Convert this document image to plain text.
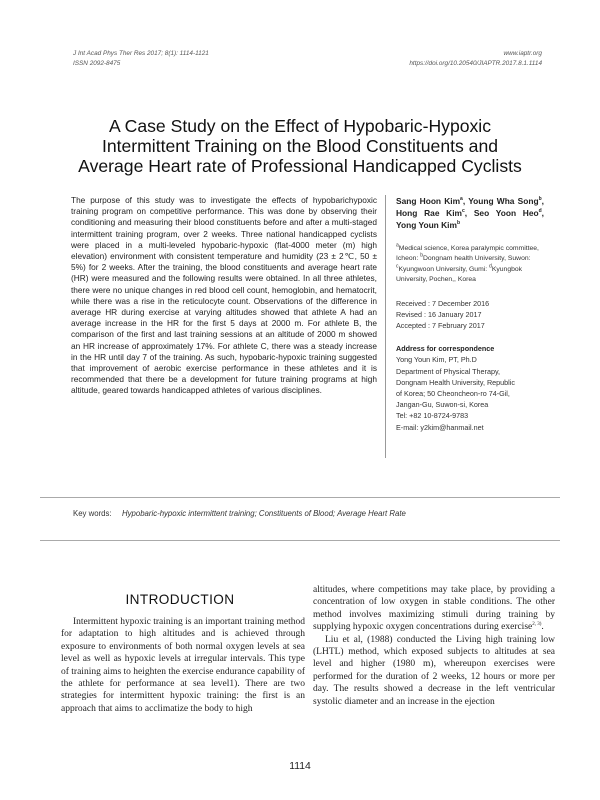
J Int Acad Phys Ther Res 2017; 8(1): 1114-1121
ISSN 2092-8475
www.iaptr.org
https://doi.org/10.20540/JIAPTR.2017.8.1.1114
A Case Study on the Effect of Hypobaric-Hypoxic
Intermittent Training on the Blood Constituents and
Average Heart rate of Professional Handicapped Cyclists
The purpose of this study was to investigate the effects of hypobarichypoxic training program on competitive performance. This was done by observing their conditioning and measuring their blood constituents before and after a multi-staged intermittent training program, over 2 weeks. Three national handicapped cyclists were placed in a multi-leveled hypobaric-hypoxic (flat-4000 meter (m) high elevation) environment with consistent temperature and humidity (23 ± 2℃, 50 ± 5%) for 2 weeks. After the training, the blood constituents and average heart rate (HR) were measured and the following results were obtained. In all three athletes, there were no unique changes in red blood cell count, hemoglobin, and hematocrit, while there was a rise in the reticulocyte count. Observations of the difference in average HR during exercise at varying altitudes showed that athlete A had an average increase in the HR for the first 5 days at 2000 m. For athlete B, the comparison of the first and last training sessions at an altitude of 2000 m showed an HR increase of approximately 17%. For athlete C, there was a steady increase in the HR until day 7 of the training. As such, hypobaric-hypoxic training suggested that improvement of aerobic exercise performance in these athletes and it is recommended that there be a development for future training programs at high altitude, geared towards handicapped athletes of various disciplines.
Sang Hoon Kim$^a$, Young Wha Song$^b$, Hong Rae Kim$^c$, Seo Yoon Heo$^d$, Yong Youn Kim$^b$
$^a$Medical science, Korea paralympic committee, Icheon: $^b$Dongnam health University, Suwon: $^c$Kyungwoon University, Gumi: $^d$Kyungbok University, Pochen,, Korea
Received : 7 December 2016
Revised : 16 January 2017
Accepted : 7 February 2017
Address for correspondence
Yong Youn Kim, PT, Ph.D
Department of Physical Therapy,
Dongnam Health University, Republic
of Korea; 50 Cheoncheon-ro 74-Gil,
Jangan-Gu, Suwon-si, Korea
Tel: +82 10-8724-9783
E-mail: y2kim@hanmail.net
Key words:	Hypobaric-hypoxic intermittent training; Constituents of Blood; Average Heart Rate
INTRODUCTION

Intermittent hypoxic training is an important training method for adaptation to high altitudes and is achieved through exposure to environments of both normal oxygen levels at sea level as well as hypoxic levels at irregular intervals. This type of training aims to heighten the exercise endurance capability of the athlete for performance at sea level1). There are two strategies for intermittent hypoxic training: the first is an approach that aims to acclimatize the body to high

altitudes, where competitions may take place, by providing a concentration of low oxygen in stable conditions. The other method involves maximizing stimuli during training by supplying hypoxic oxygen concentrations during exercise$^{2, 3)}$.

Liu et al, (1988) conducted the Living high training low (LHTL) method, which exposed subjects to altitudes at sea level and higher (1980 m), whereupon exercises were performed for the duration of 2 weeks, 12 hours or more per day. The results showed a decrease in the left ventricular systolic diameter and an increase in the ejection

1114
